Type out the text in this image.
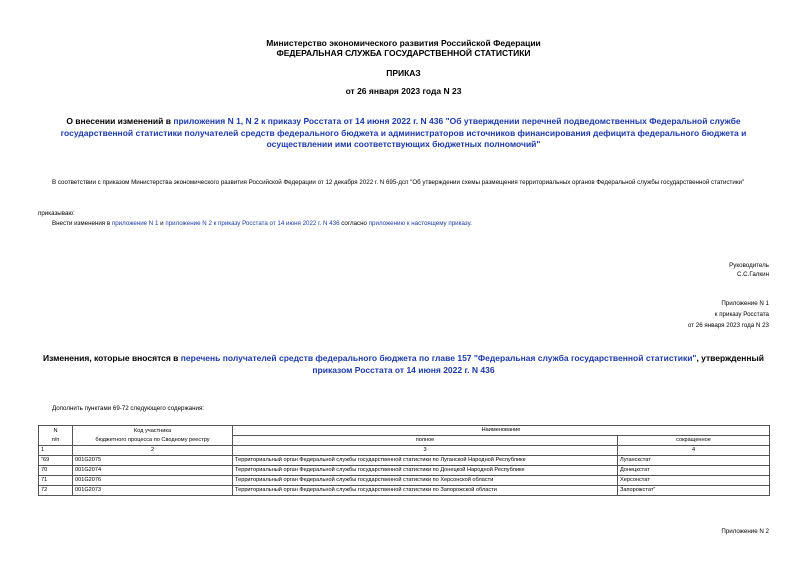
Министерство экономического развития Российской Федерации
ФЕДЕРАЛЬНАЯ СЛУЖБА ГОСУДАРСТВЕННОЙ СТАТИСТИКИ
ПРИКАЗ
от 26 января 2023 года N 23
О внесении изменений в приложения N 1, N 2 к приказу Росстата от 14 июня 2022 г. N 436 "Об утверждении перечней подведомственных Федеральной службе государственной статистики получателей средств федерального бюджета и администраторов источников финансирования дефицита федерального бюджета и осуществлении ими соответствующих бюджетных полномочий"
В соответствии с приказом Министерства экономического развития Российской Федерации от 12 декабря 2022 г. N 695-дсп "Об утверждении схемы размещения территориальных органов Федеральной службы государственной статистики"
приказываю:
Внести изменения в приложение N 1 и приложение N 2 к приказу Росстата от 14 июня 2022 г. N 436 согласно приложению к настоящему приказу.
Руководитель
С.С.Галкин
Приложение N 1
к приказу Росстата
от 26 января 2023 года N 23
Изменения, которые вносятся в перечень получателей средств федерального бюджета по главе 157 "Федеральная служба государственной статистики", утвержденный приказом Росстата от 14 июня 2022 г. N 436
Дополнить пунктами 69-72 следующего содержания:
N	Код участника	Наименование	
п/п	бюджетного процесса по Сводному реестру	полное	сокращенное
1	2	3	4
"69	001G2075	Территориальный орган Федеральной службы государственной статистики по Луганской Народной Республике	Луганскстат
70	001G2074	Территориальный орган Федеральной службы государственной статистики по Донецкой Народной Республике	Донецкстат
71	001G2076	Территориальный орган Федеральной службы государственной статистики по Херсонской области	Херсонстат
72	001G2073	Территориальный орган Федеральной службы государственной статистики по Запорожской области	Запорожстат"
Приложение N 2
